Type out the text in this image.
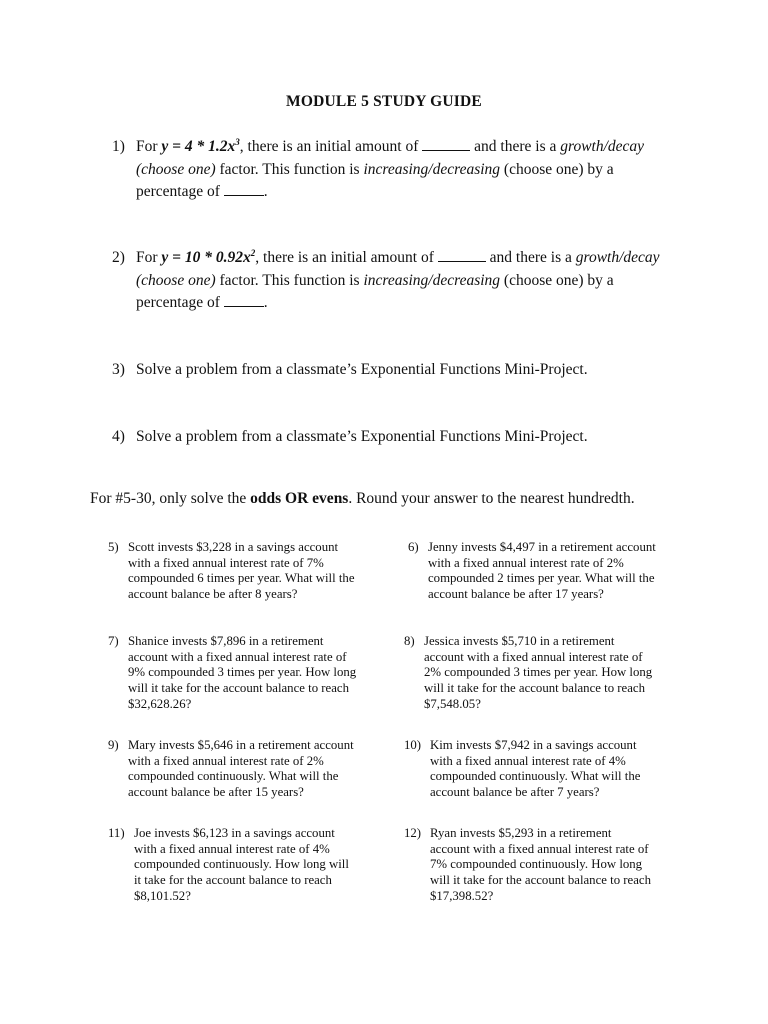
MODULE 5 STUDY GUIDE
1) For $y = 4 * 1.2x^3$, there is an initial amount of	and there is a growth/decay (choose one) factor. This function is increasing/decreasing (choose one) by a percentage of	.
2) For $y = 10 * 0.92x^2$, there is an initial amount of	and there is a growth/decay (choose one) factor. This function is increasing/decreasing (choose one) by a percentage of	.
3) Solve a problem from a classmate’s Exponential Functions Mini-Project.
4) Solve a problem from a classmate’s Exponential Functions Mini-Project.
For #5-30, only solve the odds OR evens. Round your answer to the nearest hundredth.
5) Scott invests $3,228 in a savings account with a fixed annual interest rate of 7% compounded 6 times per year. What will the account balance be after 8 years?
6) Jenny invests $4,497 in a retirement account with a fixed annual interest rate of 2% compounded 2 times per year. What will the account balance be after 17 years?
7) Shanice invests $7,896 in a retirement account with a fixed annual interest rate of 9% compounded 3 times per year. How long will it take for the account balance to reach $32,628.26?
8) Jessica invests $5,710 in a retirement account with a fixed annual interest rate of 2% compounded 3 times per year. How long will it take for the account balance to reach $7,548.05?
9) Mary invests $5,646 in a retirement account with a fixed annual interest rate of 2% compounded continuously. What will the account balance be after 15 years?
10) Kim invests $7,942 in a savings account with a fixed annual interest rate of 4% compounded continuously. What will the account balance be after 7 years?
11) Joe invests $6,123 in a savings account with a fixed annual interest rate of 4% compounded continuously. How long will it take for the account balance to reach $8,101.52?
12) Ryan invests $5,293 in a retirement account with a fixed annual interest rate of 7% compounded continuously. How long will it take for the account balance to reach $17,398.52?
